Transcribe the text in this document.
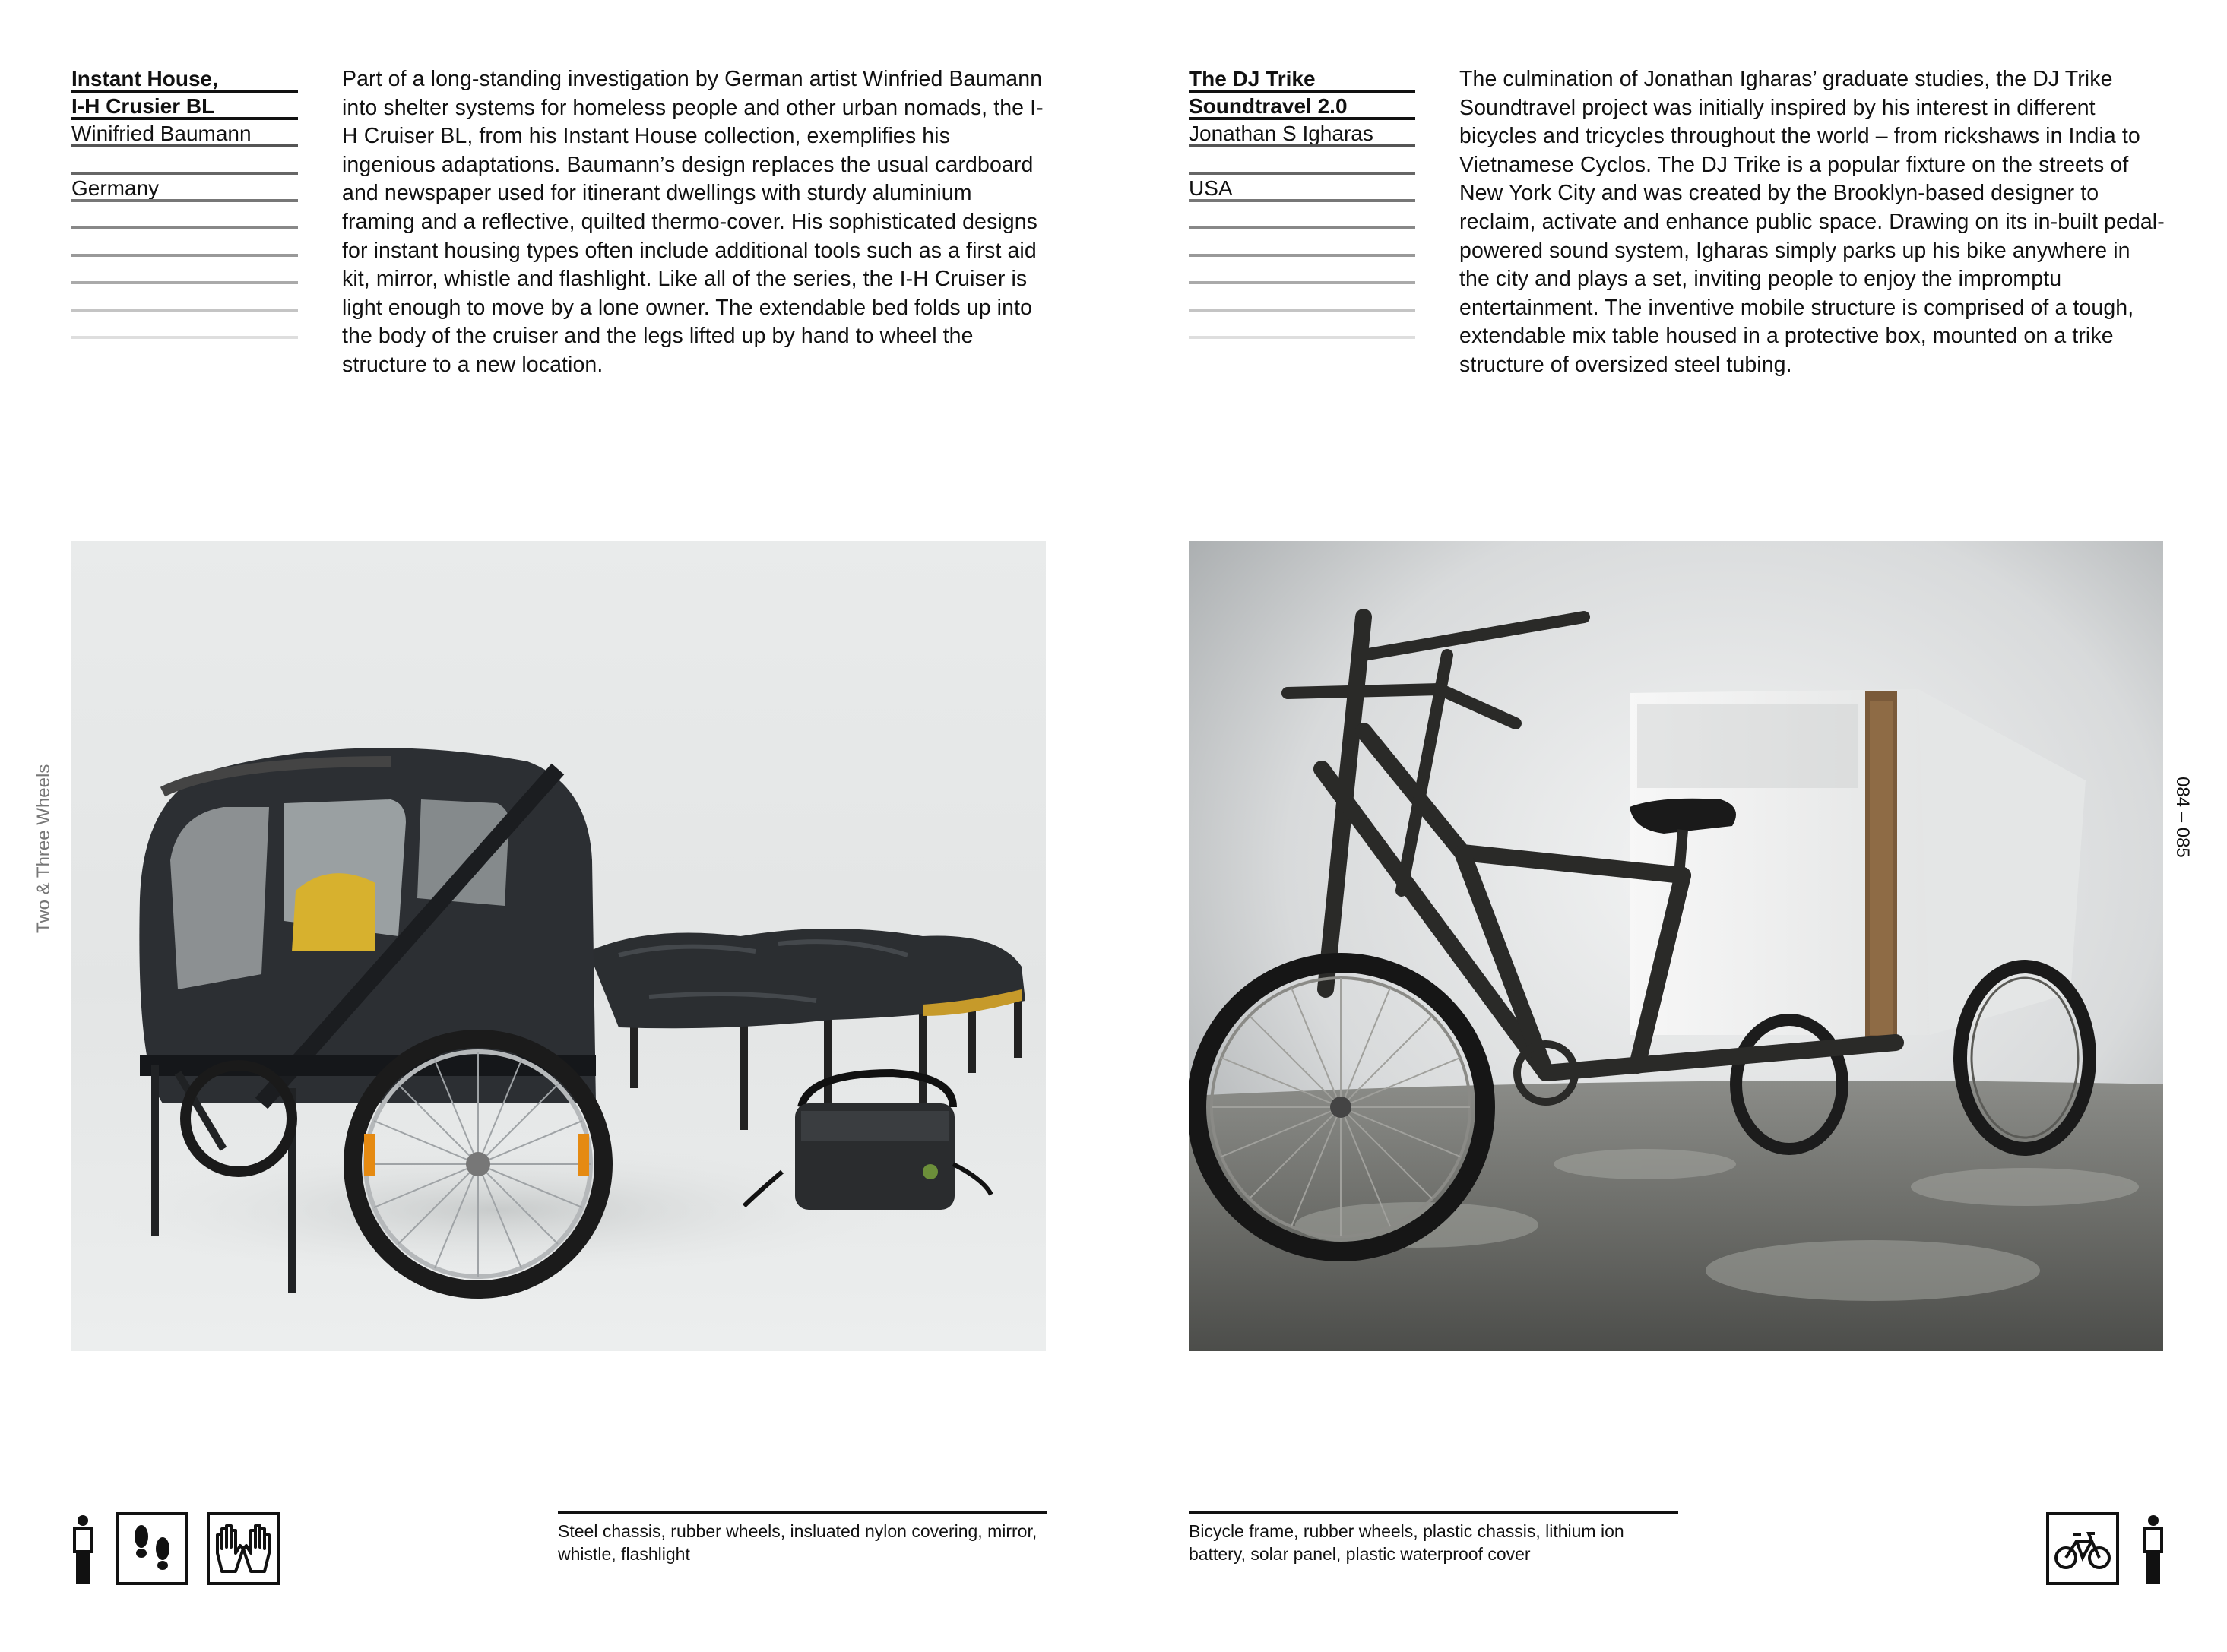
Instant House,
I-H Crusier BL
Winifried Baumann
Germany
Part of a long-standing investigation by German artist Winfried Baumann into shelter systems for homeless people and other urban nomads, the I-H Cruiser BL, from his Instant House collection, exemplifies his ingenious adaptations. Baumann’s design replaces the usual cardboard and newspaper used for itinerant dwellings with sturdy aluminium framing and a reflective, quilted thermo-cover. His sophisticated designs for instant housing types often include additional tools such as a first aid kit, mirror, whistle and flashlight. Like all of the series, the I-H Cruiser is light enough to move by a lone owner. The extendable bed folds up into the body of the cruiser and the legs lifted up by hand to wheel the structure to a new location.
The DJ Trike
Soundtravel 2.0
Jonathan S Igharas
USA
The culmination of Jonathan Igharas’ graduate studies, the DJ Trike Soundtravel project was initially inspired by his interest in different bicycles and tricycles throughout the world – from rickshaws in India to Vietnamese Cyclos. The DJ Trike is a popular fixture on the streets of New York City and was created by the Brooklyn-based designer to reclaim, activate and enhance public space. Drawing on its in-built pedal-powered sound system, Igharas simply parks up his bike anywhere in the city and plays a set, inviting people to enjoy the impromptu entertainment. The inventive mobile structure is comprised of a tough, extendable mix table housed in a protective box, mounted on a trike structure of oversized steel tubing.
Two & Three Wheels	084 – 085
Steel chassis, rubber wheels, insluated nylon covering, mirror, whistle, flashlight
Bicycle frame, rubber wheels, plastic chassis, lithium ion battery, solar panel, plastic waterproof cover
